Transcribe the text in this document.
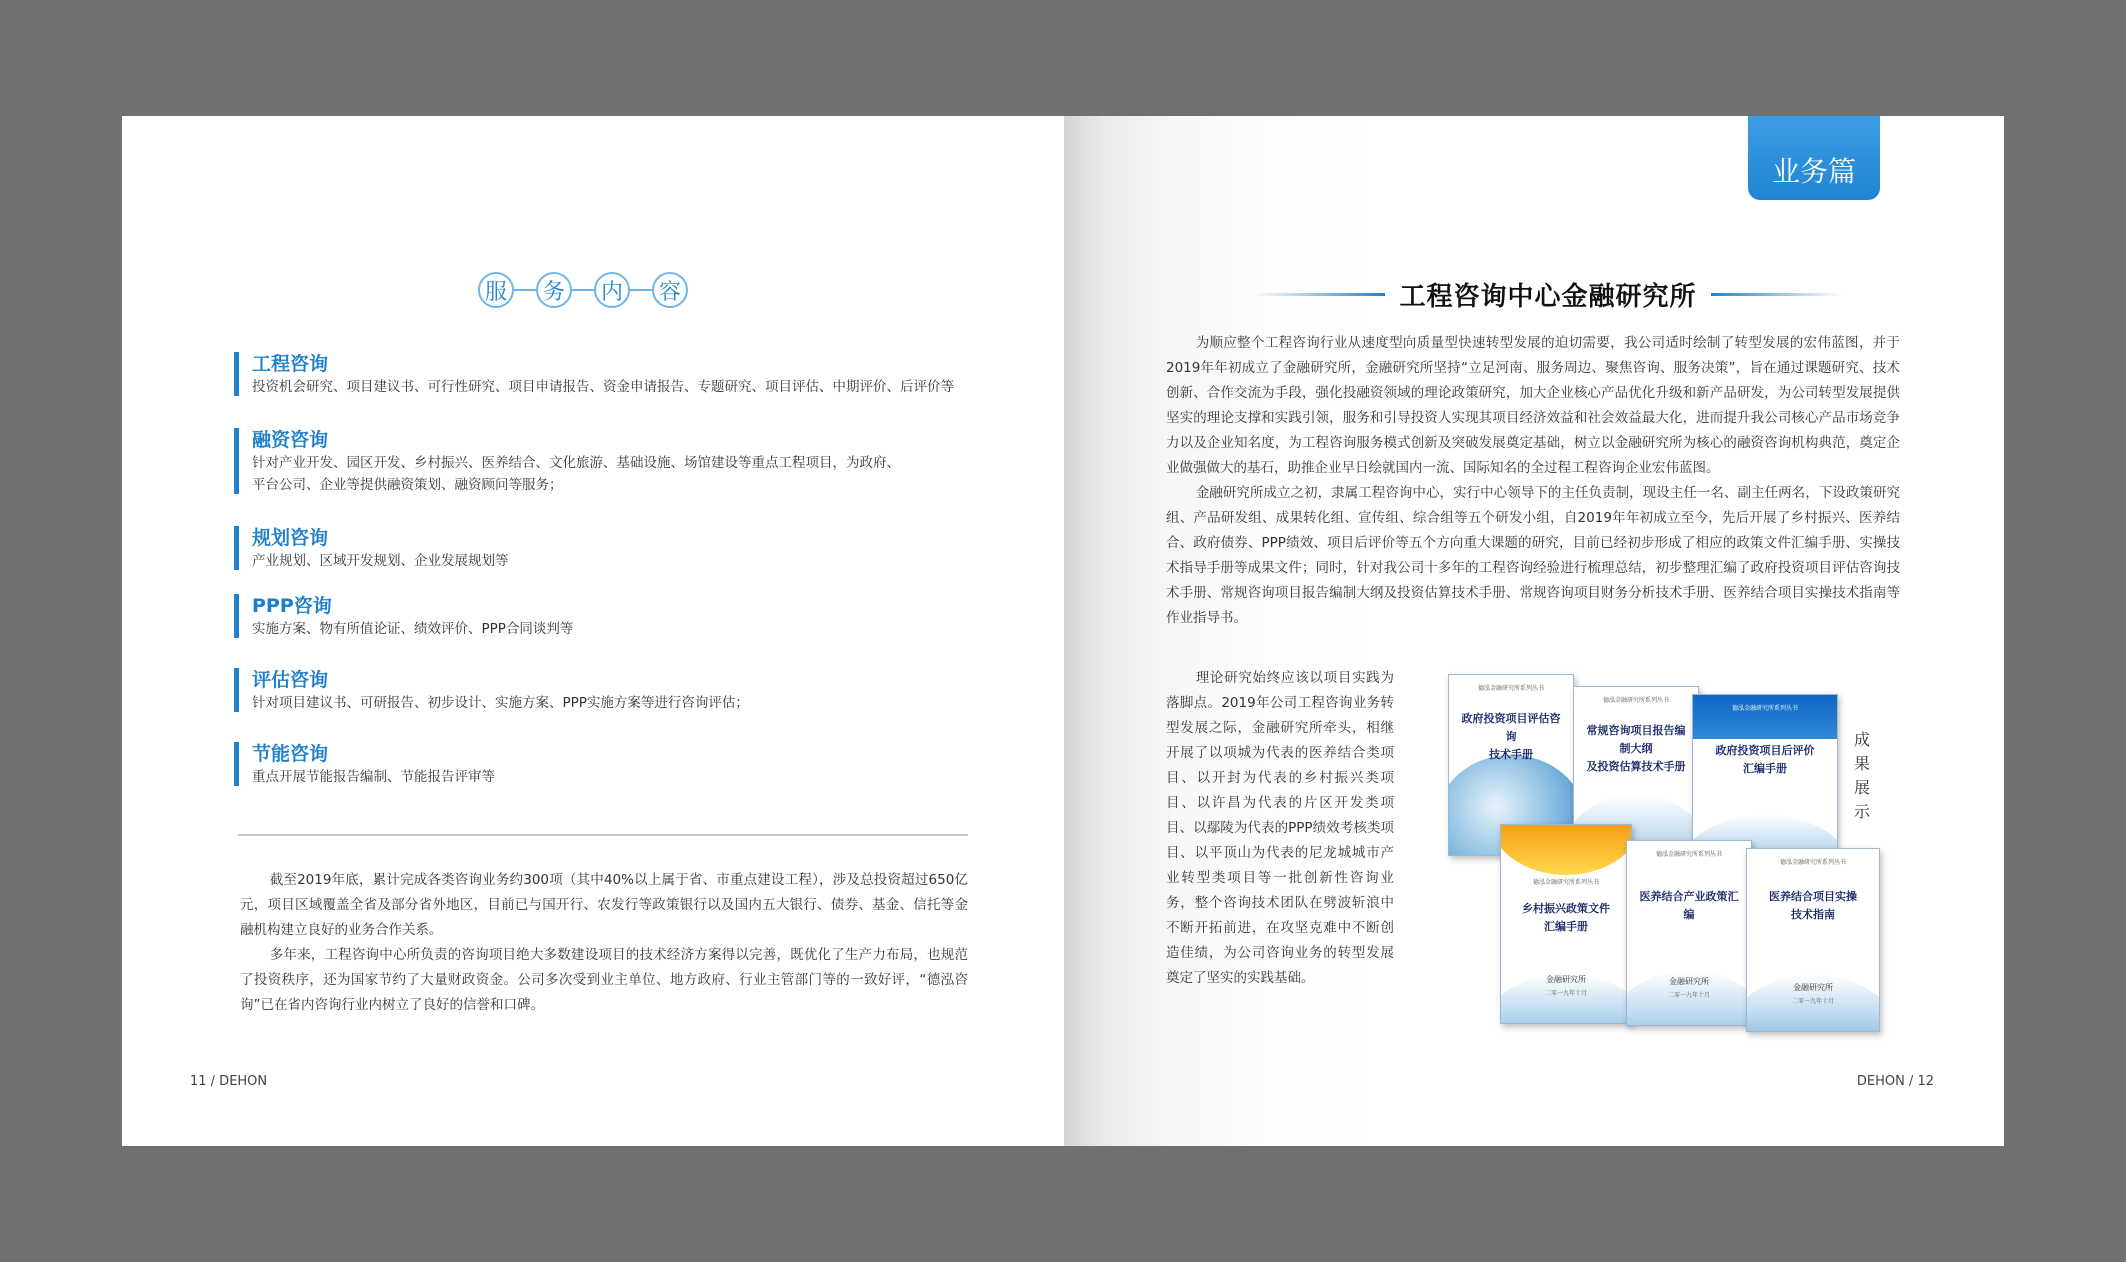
服	务	内	容
工程咨询
投资机会研究、项目建议书、可行性研究、项目申请报告、资金申请报告、专题研究、项目评估、中期评价、后评价等
融资咨询
针对产业开发、园区开发、乡村振兴、医养结合、文化旅游、基础设施、场馆建设等重点工程项目，为政府、
平台公司、企业等提供融资策划、融资顾问等服务；
规划咨询
产业规划、区域开发规划、企业发展规划等
PPP咨询
实施方案、物有所值论证、绩效评价、PPP合同谈判等
评估咨询
针对项目建议书、可研报告、初步设计、实施方案、PPP实施方案等进行咨询评估；
节能咨询
重点开展节能报告编制、节能报告评审等

截至2019年底，累计完成各类咨询业务约300项（其中40%以上属于省、市重点建设工程），涉及总投资超过650亿元，项目区域覆盖全省及部分省外地区，目前已与国开行、农发行等政策银行以及国内五大银行、债券、基金、信托等金融机构建立良好的业务合作关系。

多年来，工程咨询中心所负责的咨询项目绝大多数建设项目的技术经济方案得以完善，既优化了生产力布局，也规范了投资秩序，还为国家节约了大量财政资金。公司多次受到业主单位、地方政府、行业主管部门等的一致好评，“德泓咨询”已在省内咨询行业内树立了良好的信誉和口碑。

11 / DEHON
业务篇
工程咨询中心金融研究所

为顺应整个工程咨询行业从速度型向质量型快速转型发展的迫切需要，我公司适时绘制了转型发展的宏伟蓝图，并于2019年年初成立了金融研究所，金融研究所坚持“立足河南、服务周边、聚焦咨询、服务决策”，旨在通过课题研究、技术创新、合作交流为手段，强化投融资领域的理论政策研究，加大企业核心产品优化升级和新产品研发，为公司转型发展提供坚实的理论支撑和实践引领，服务和引导投资人实现其项目经济效益和社会效益最大化，进而提升我公司核心产品市场竞争力以及企业知名度，为工程咨询服务模式创新及突破发展奠定基础，树立以金融研究所为核心的融资咨询机构典范，奠定企业做强做大的基石，助推企业早日绘就国内一流、国际知名的全过程工程咨询企业宏伟蓝图。

金融研究所成立之初，隶属工程咨询中心，实行中心领导下的主任负责制，现设主任一名、副主任两名，下设政策研究组、产品研发组、成果转化组、宣传组、综合组等五个研发小组，自2019年年初成立至今，先后开展了乡村振兴、医养结合、政府债券、PPP绩效、项目后评价等五个方向重大课题的研究，目前已经初步形成了相应的政策文件汇编手册、实操技术指导手册等成果文件；同时，针对我公司十多年的工程咨询经验进行梳理总结，初步整理汇编了政府投资项目评估咨询技术手册、常规咨询项目报告编制大纲及投资估算技术手册、常规咨询项目财务分析技术手册、医养结合项目实操技术指南等作业指导书。

理论研究始终应该以项目实践为落脚点。2019年公司工程咨询业务转型发展之际，金融研究所牵头，相继开展了以项城为代表的医养结合类项目、以开封为代表的乡村振兴类项目、以许昌为代表的片区开发类项目、以鄢陵为代表的PPP绩效考核类项目、以平顶山为代表的尼龙城城市产业转型类项目等一批创新性咨询业务，整个咨询技术团队在劈波斩浪中不断开拓前进，在攻坚克难中不断创造佳绩，为公司咨询业务的转型发展奠定了坚实的实践基础。

德泓金融研究所系列丛书
政府投资项目评估咨询
技术手册
德泓金融研究所系列丛书
常规咨询项目报告编制大纲
及投资估算技术手册
德泓金融研究所系列丛书
政府投资项目后评价
汇编手册
德泓金融研究所系列丛书
乡村振兴政策文件
汇编手册
金融研究所
二零一九年十月
德泓金融研究所系列丛书
医养结合产业政策汇编
金融研究所
二零一九年十月
德泓金融研究所系列丛书
医养结合项目实操
技术指南
金融研究所
二零一九年十月
成果展示
DEHON / 12
